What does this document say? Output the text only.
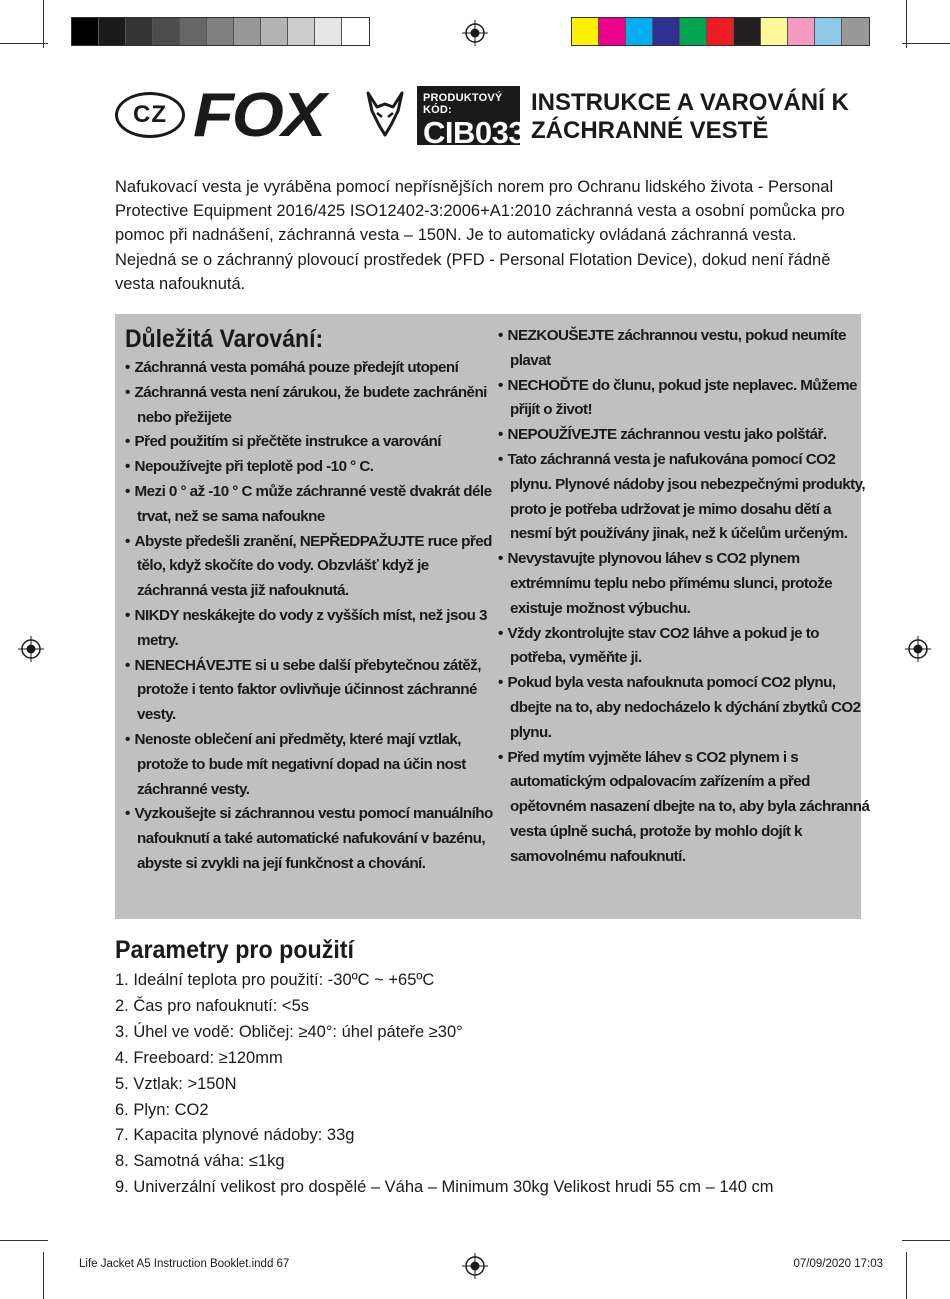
CZ FOX	PRODUKTOVÝ KÓD:
CIB033
INSTRUKCE A VAROVÁNÍ K ZÁCHRANNÉ VESTĚ

Nafukovací vesta je vyráběna pomocí nepřísnějších norem pro Ochranu lidského života - Personal Protective Equipment 2016/425 ISO12402-3:2006+A1:2010 záchranná vesta a osobní pomůcka pro pomoc při nadnášení, záchranná vesta – 150N. Je to automaticky ovládaná záchranná vesta. Nejedná se o záchranný plovoucí prostředek (PFD - Personal Flotation Device), dokud není řádně vesta nafouknutá.

Důležitá Varování:
• Záchranná vesta pomáhá pouze předejít utopení
• Záchranná vesta není zárukou, že budete zachráněni nebo přežijete
• Před použitím si přečtěte instrukce a varování
• Nepoužívejte při teplotě pod -10 ° C.
• Mezi 0 ° až -10 ° C může záchranné vestě dvakrát déle trvat, než se sama nafoukne
• Abyste předešli zranění, NEPŘEDPAŽUJTE ruce před tělo, když skočíte do vody. Obzvlášť když je záchranná vesta již nafouknutá.
• NIKDY neskákejte do vody z vyšších míst, než jsou 3 metry.
• NENECHÁVEJTE si u sebe další přebytečnou zátěž, protože i tento faktor ovlivňuje účinnost záchranné vesty.
• Nenoste oblečení ani předměty, které mají vztlak, protože to bude mít negativní dopad na účin nost záchranné vesty.
• Vyzkoušejte si záchrannou vestu pomocí manuálního nafouknutí a také automatické nafukování v bazénu, abyste si zvykli na její funkčnost a chování.
• NEZKOUŠEJTE záchrannou vestu, pokud neumíte plavat
• NECHOĎTE do člunu, pokud jste neplavec. Můžeme přijít o život!
• NEPOUŽÍVEJTE záchrannou vestu jako polštář.
• Tato záchranná vesta je nafukována pomocí CO2 plynu. Plynové nádoby jsou nebezpečnými produkty, proto je potřeba udržovat je mimo dosahu dětí a nesmí být používány jinak, než k účelům určeným.
• Nevystavujte plynovou láhev s CO2 plynem extrémnímu teplu nebo přímému slunci, protože existuje možnost výbuchu.
• Vždy zkontrolujte stav CO2 láhve a pokud je to potřeba, vyměňte ji.
• Pokud byla vesta nafouknuta pomocí CO2 plynu, dbejte na to, aby nedocházelo k dýchání zbytků CO2 plynu.
• Před mytím vyjměte láhev s CO2 plynem i s automatickým odpalovacím zařízením a před opětovném nasazení dbejte na to, aby byla záchranná vesta úplně suchá, protože by mohlo dojít k samovolnému nafouknutí.
Parametry pro použití
1. Ideální teplota pro použití: -30ºC ~ +65ºC
2. Čas pro nafouknutí: <5s
3. Úhel ve vodě: Obličej: ≥40°: úhel páteře ≥30°
4. Freeboard: ≥120mm
5. Vztlak: >150N
6. Plyn: CO2
7. Kapacita plynové nádoby: 33g
8. Samotná váha: ≤1kg
9. Univerzální velikost pro dospělé – Váha – Minimum 30kg Velikost hrudi 55 cm – 140 cm
Life Jacket A5 Instruction Booklet.indd 67	07/09/2020 17:03
